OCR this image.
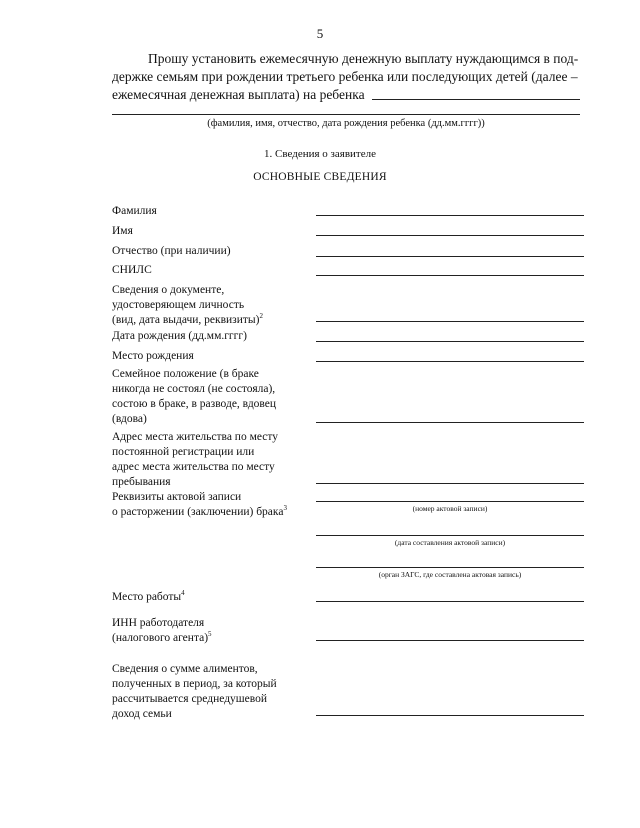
5
Прошу установить ежемесячную денежную выплату нуждающимся в под-
держке семьям при рождении третьего ребенка или последующих детей (далее –
ежемесячная денежная выплата) на ребенка
(фамилия, имя, отчество, дата рождения ребенка (дд.мм.гггг))
1. Сведения о заявителе
ОСНОВНЫЕ СВЕДЕНИЯ
Фамилия
Имя
Отчество (при наличии)
СНИЛС
Сведения о документе,
удостоверяющем личность
(вид, дата выдачи, реквизиты)$^2$
Дата рождения (дд.мм.гггг)
Место рождения
Семейное положение (в браке
никогда не состоял (не состояла),
состою в браке, в разводе, вдовец
(вдова)
Адрес места жительства по месту
постоянной регистрации или
адрес места жительства по месту
пребывания
Реквизиты актовой записи
о расторжении (заключении) брака$^3$	(номер актовой записи)
(дата составления актовой записи)
(орган ЗАГС, где составлена актовая запись)
Место работы$^4$
ИНН работодателя
(налогового агента)$^5$
Сведения о сумме алиментов,
полученных в период, за который
рассчитывается среднедушевой
доход семьи
